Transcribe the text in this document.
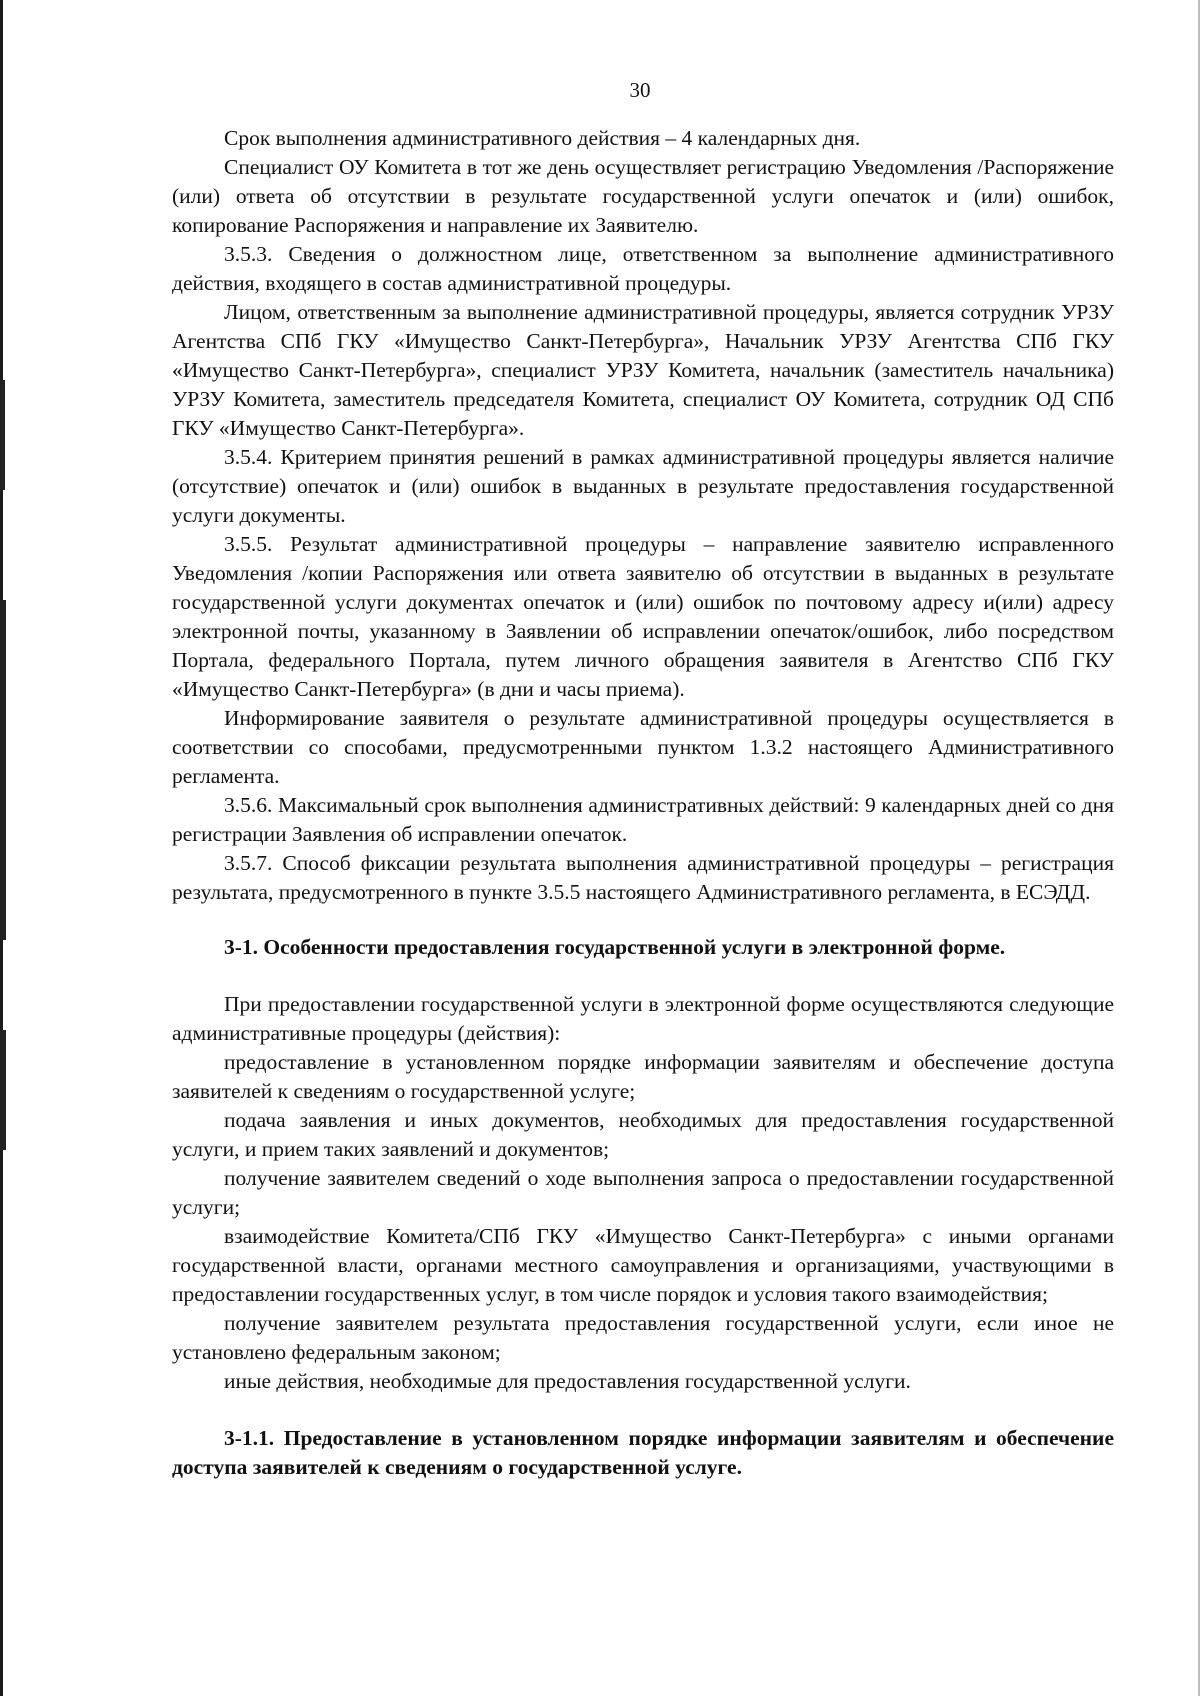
30

Срок выполнения административного действия – 4 календарных дня.

Специалист ОУ Комитета в тот же день осуществляет регистрацию Уведомления /Распоряжение (или) ответа об отсутствии в результате государственной услуги опечаток и (или) ошибок, копирование Распоряжения и направление их Заявителю.

3.5.3. Сведения о должностном лице, ответственном за выполнение административного действия, входящего в состав административной процедуры.

Лицом, ответственным за выполнение административной процедуры, является сотрудник УРЗУ Агентства СПб ГКУ «Имущество Санкт-Петербурга», Начальник УРЗУ Агентства СПб ГКУ «Имущество Санкт-Петербурга», специалист УРЗУ Комитета, начальник (заместитель начальника) УРЗУ Комитета, заместитель председателя Комитета, специалист ОУ Комитета, сотрудник ОД СПб ГКУ «Имущество Санкт-Петербурга».

3.5.4. Критерием принятия решений в рамках административной процедуры является наличие (отсутствие) опечаток и (или) ошибок в выданных в результате предоставления государственной услуги документы.

3.5.5. Результат административной процедуры – направление заявителю исправленного Уведомления /копии Распоряжения или ответа заявителю об отсутствии в выданных в результате государственной услуги документах опечаток и (или) ошибок по почтовому адресу и(или) адресу электронной почты, указанному в Заявлении об исправлении опечаток/ошибок, либо посредством Портала, федерального Портала, путем личного обращения заявителя в Агентство СПб ГКУ «Имущество Санкт-Петербурга» (в дни и часы приема).

Информирование заявителя о результате административной процедуры осуществляется в соответствии со способами, предусмотренными пунктом 1.3.2 настоящего Административного регламента.

3.5.6. Максимальный срок выполнения административных действий: 9 календарных дней со дня регистрации Заявления об исправлении опечаток.

3.5.7. Способ фиксации результата выполнения административной процедуры – регистрация результата, предусмотренного в пункте 3.5.5 настоящего Административного регламента, в ЕСЭДД.

3-1. Особенности предоставления государственной услуги в электронной форме.

При предоставлении государственной услуги в электронной форме осуществляются следующие административные процедуры (действия):

предоставление в установленном порядке информации заявителям и обеспечение доступа заявителей к сведениям о государственной услуге;

подача заявления и иных документов, необходимых для предоставления государственной услуги, и прием таких заявлений и документов;

получение заявителем сведений о ходе выполнения запроса о предоставлении государственной услуги;

взаимодействие Комитета/СПб ГКУ «Имущество Санкт-Петербурга» с иными органами государственной власти, органами местного самоуправления и организациями, участвующими в предоставлении государственных услуг, в том числе порядок и условия такого взаимодействия;

получение заявителем результата предоставления государственной услуги, если иное не установлено федеральным законом;

иные действия, необходимые для предоставления государственной услуги.

3-1.1. Предоставление в установленном порядке информации заявителям и обеспечение доступа заявителей к сведениям о государственной услуге.
